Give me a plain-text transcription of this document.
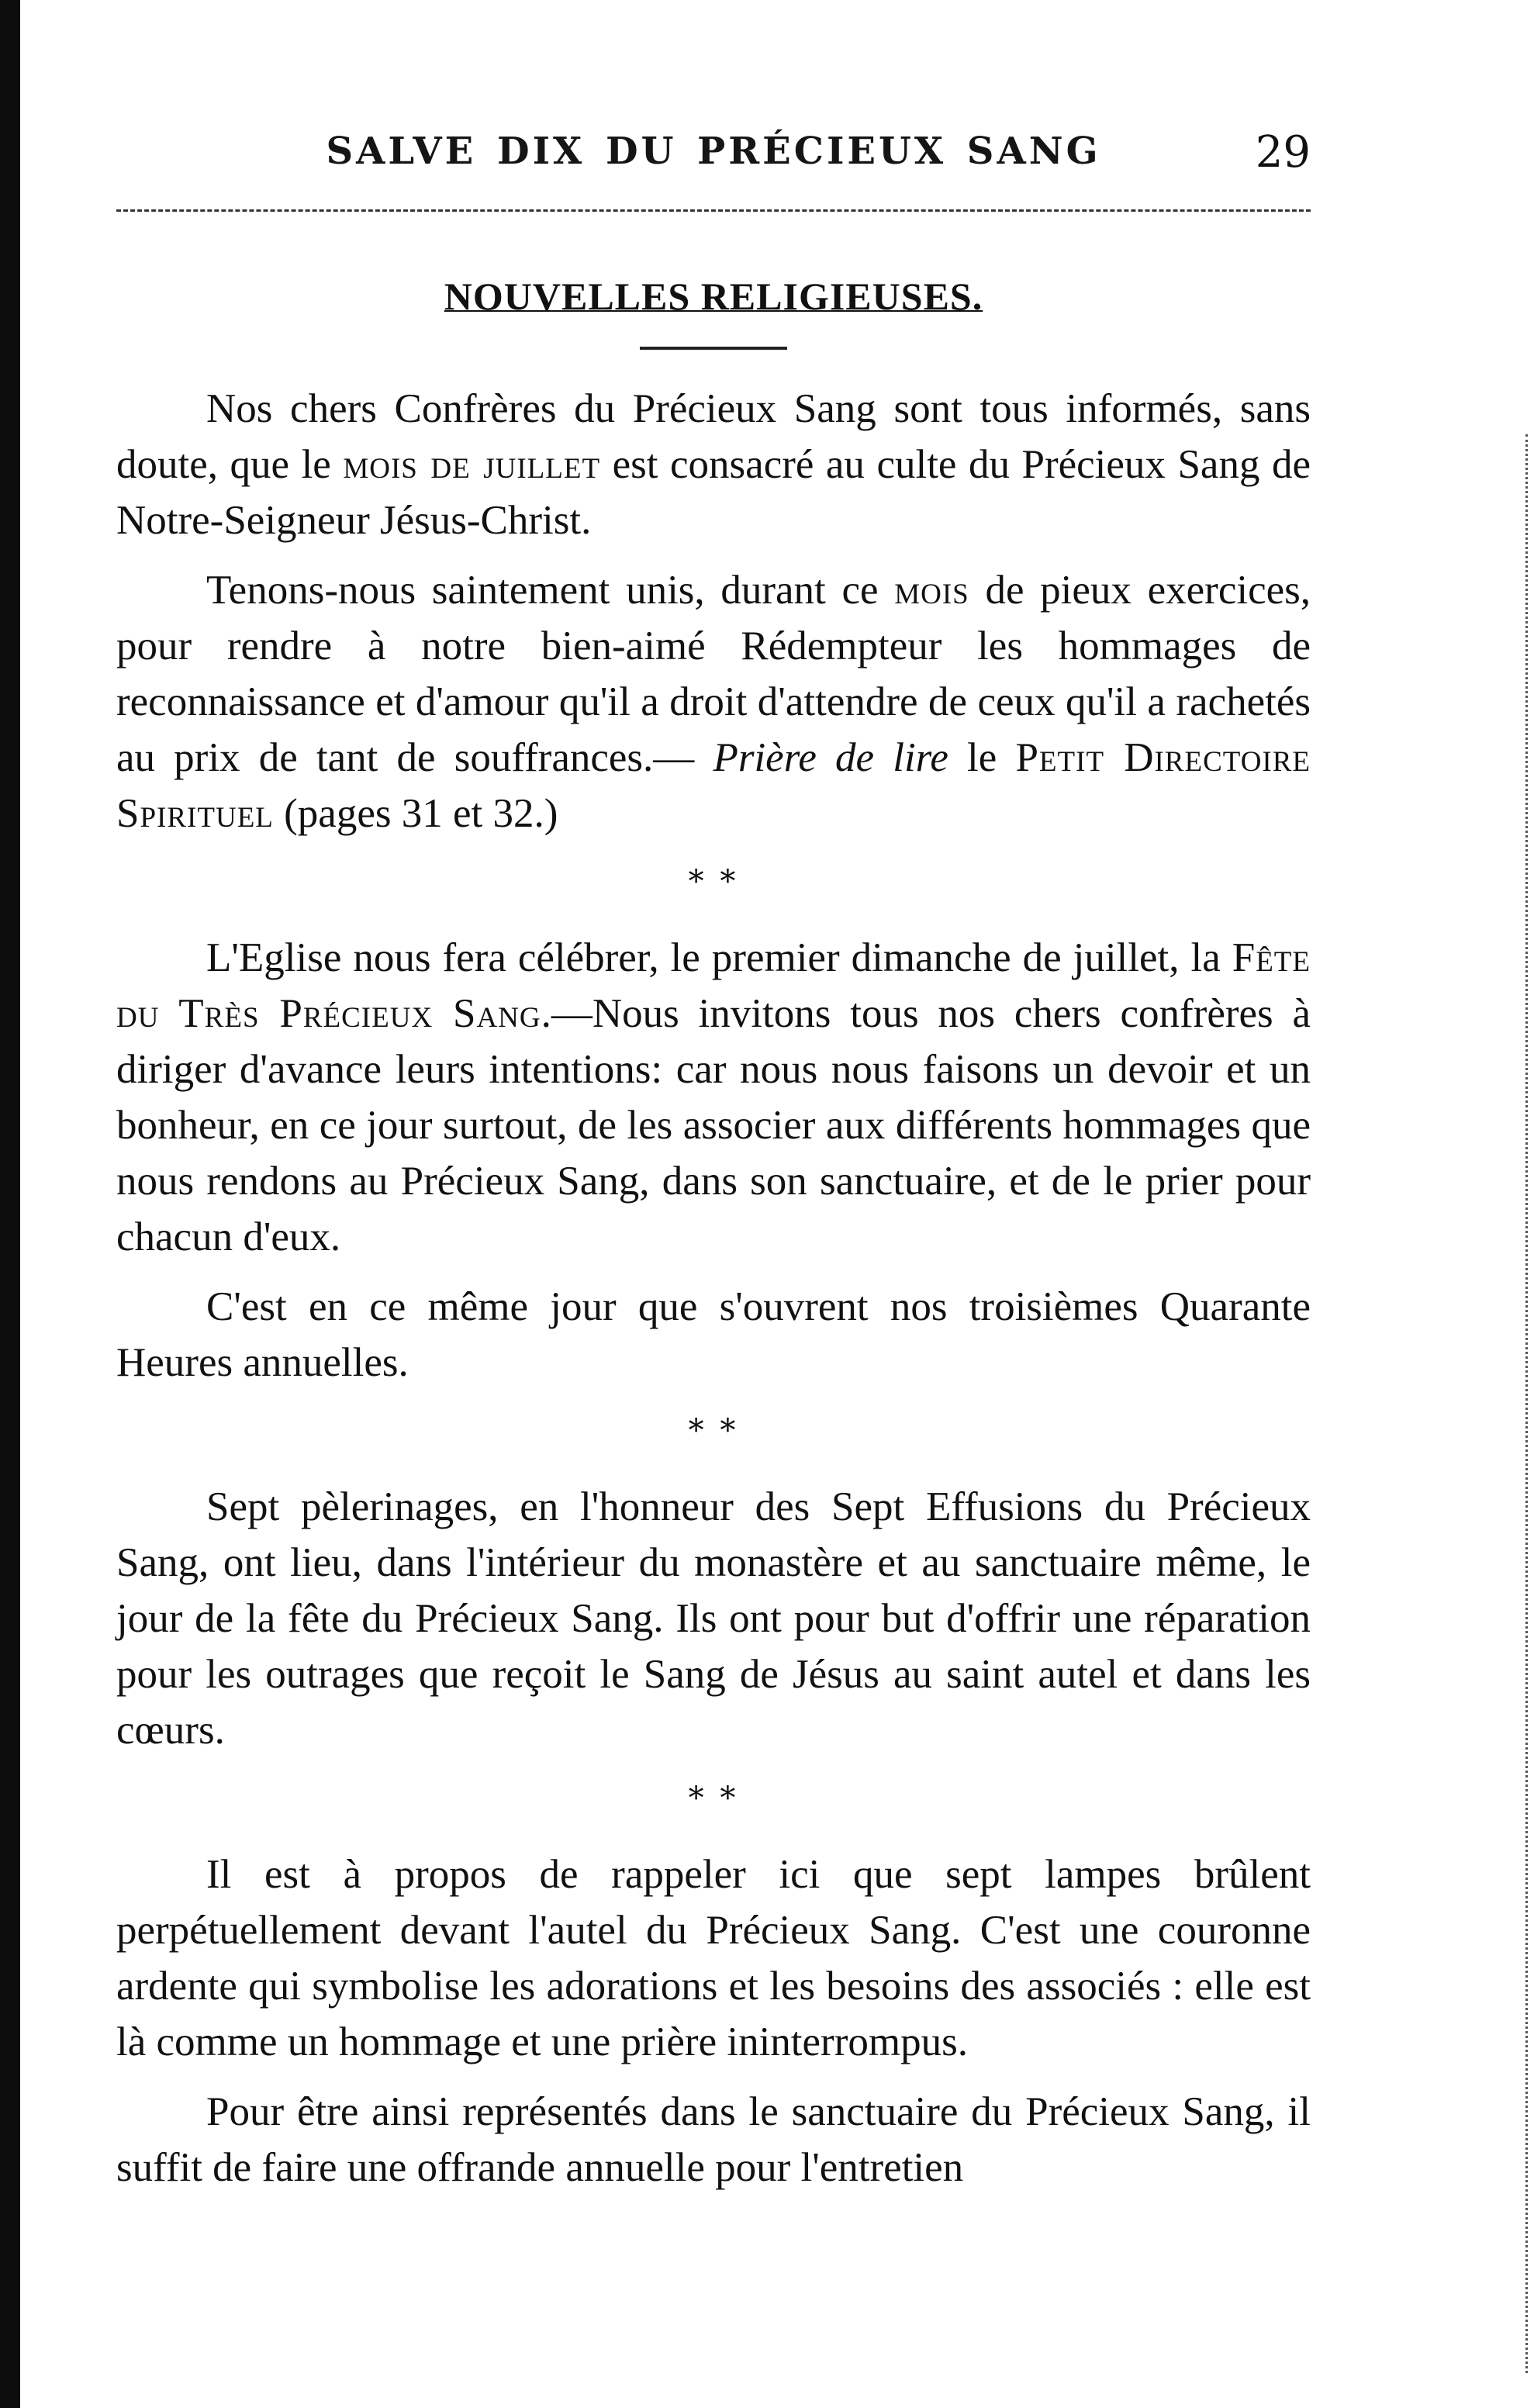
SALVE DIX DU PRÉCIEUX SANG	29
NOUVELLES RELIGIEUSES.

Nos chers Confrères du Précieux Sang sont tous informés, sans doute, que le mois de juillet est consacré au culte du Précieux Sang de Notre-Seigneur Jésus-Christ.

Tenons-nous saintement unis, durant ce mois de pieux exercices, pour rendre à notre bien-aimé Rédempteur les hommages de reconnaissance et d'amour qu'il a droit d'attendre de ceux qu'il a rachetés au prix de tant de souffrances.— Prière de lire le Petit Directoire Spirituel (pages 31 et 32.)

* *

L'Eglise nous fera célébrer, le premier dimanche de juillet, la Fête du Très Précieux Sang.—Nous invitons tous nos chers confrères à diriger d'avance leurs intentions: car nous nous faisons un devoir et un bonheur, en ce jour surtout, de les associer aux différents hommages que nous rendons au Précieux Sang, dans son sanctuaire, et de le prier pour chacun d'eux.

C'est en ce même jour que s'ouvrent nos troisièmes Quarante Heures annuelles.

* *

Sept pèlerinages, en l'honneur des Sept Effusions du Précieux Sang, ont lieu, dans l'intérieur du monastère et au sanctuaire même, le jour de la fête du Précieux Sang. Ils ont pour but d'offrir une réparation pour les outrages que reçoit le Sang de Jésus au saint autel et dans les cœurs.

* *

Il est à propos de rappeler ici que sept lampes brûlent perpétuellement devant l'autel du Précieux Sang. C'est une couronne ardente qui symbolise les adorations et les besoins des associés : elle est là comme un hommage et une prière ininterrompus.

Pour être ainsi représentés dans le sanctuaire du Précieux Sang, il suffit de faire une offrande annuelle pour l'entretien
